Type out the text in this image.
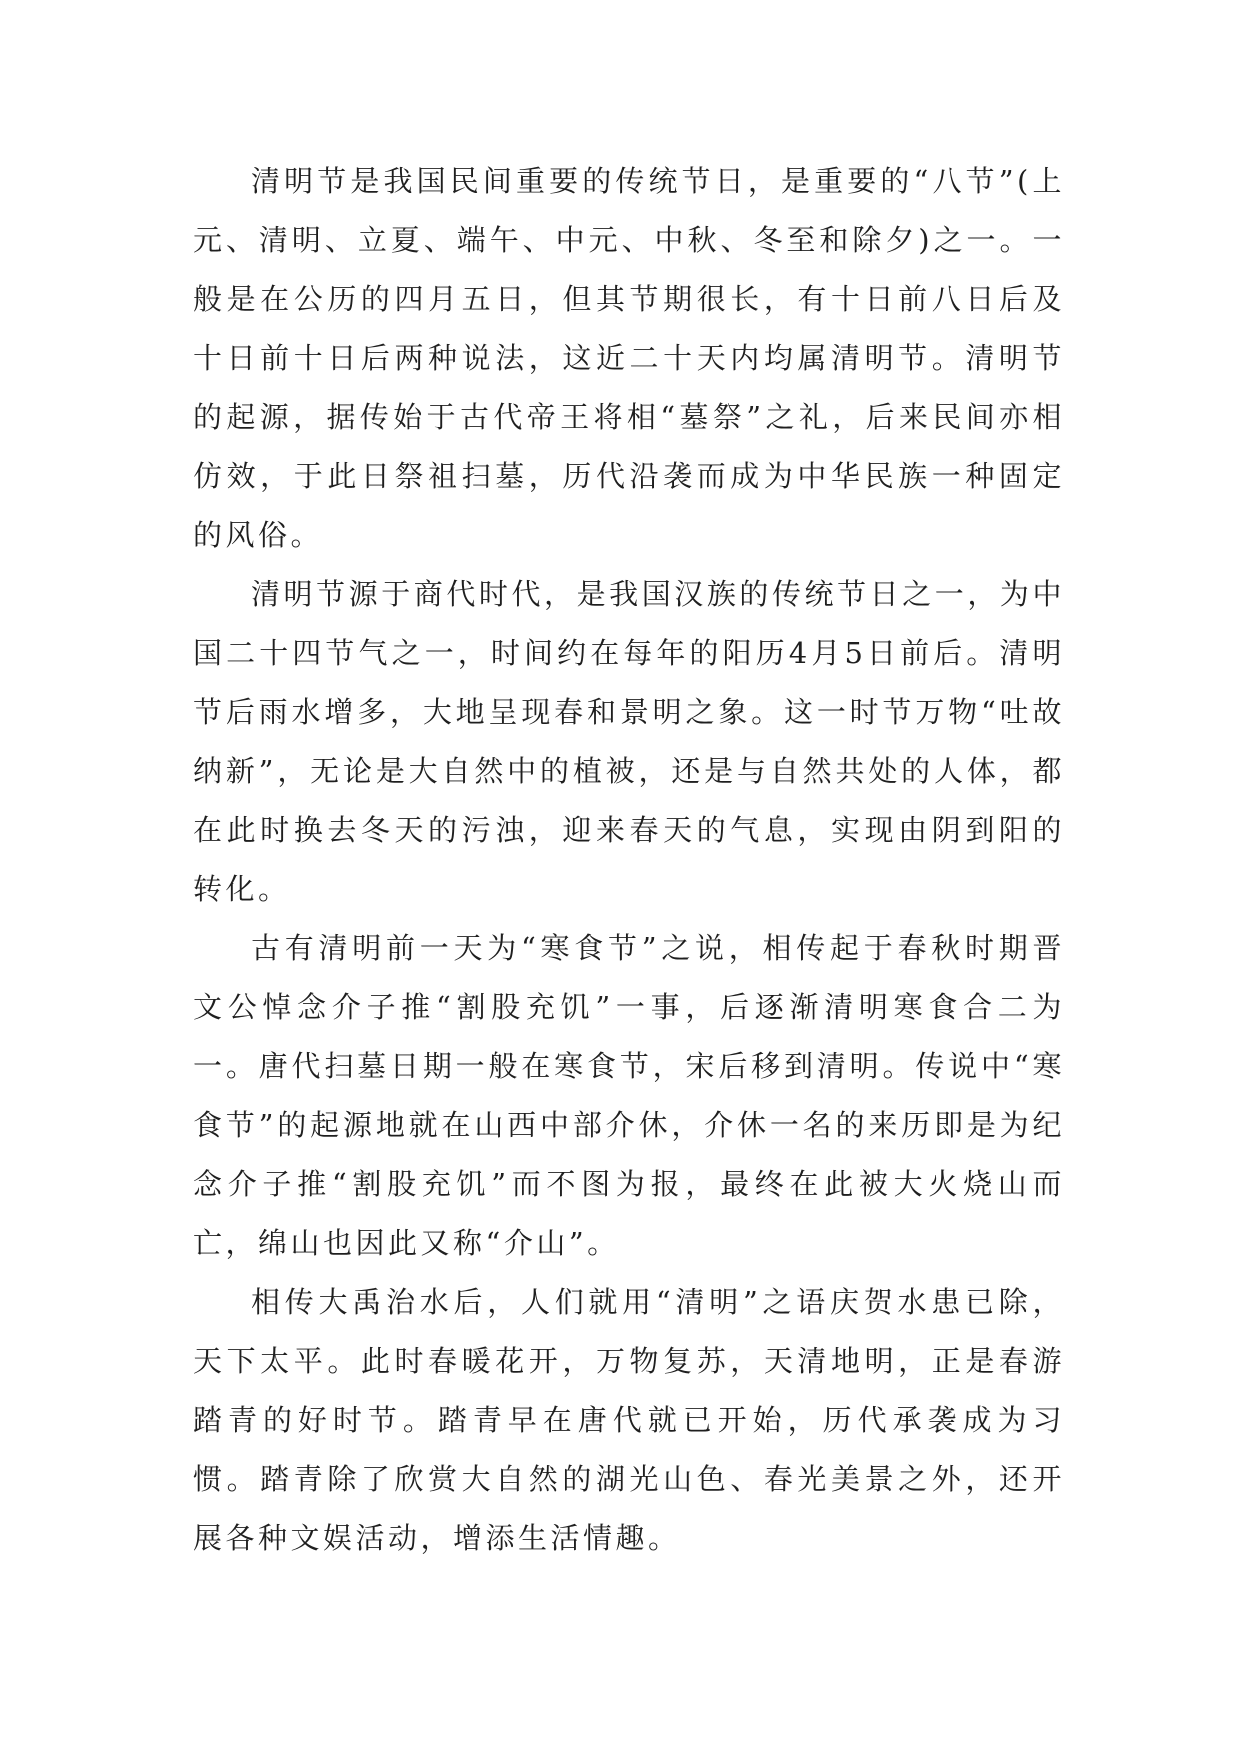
清明节是我国民间重要的传统节日，是重要的“八节”(上元、清明、立夏、端午、中元、中秋、冬至和除夕)之一。一般是在公历的四月五日，但其节期很长，有十日前八日后及十日前十日后两种说法，这近二十天内均属清明节。清明节的起源，据传始于古代帝王将相“墓祭”之礼，后来民间亦相仿效，于此日祭祖扫墓，历代沿袭而成为中华民族一种固定的风俗。

清明节源于商代时代，是我国汉族的传统节日之一，为中国二十四节气之一，时间约在每年的阳历4月5日前后。清明节后雨水增多，大地呈现春和景明之象。这一时节万物“吐故纳新”，无论是大自然中的植被，还是与自然共处的人体，都在此时换去冬天的污浊，迎来春天的气息，实现由阴到阳的转化。

古有清明前一天为“寒食节”之说，相传起于春秋时期晋文公悼念介子推“割股充饥”一事，后逐渐清明寒食合二为一。唐代扫墓日期一般在寒食节，宋后移到清明。传说中“寒食节”的起源地就在山西中部介休，介休一名的来历即是为纪念介子推“割股充饥”而不图为报，最终在此被大火烧山而亡，绵山也因此又称“介山”。

相传大禹治水后，人们就用“清明”之语庆贺水患已除，天下太平。此时春暖花开，万物复苏，天清地明，正是春游踏青的好时节。踏青早在唐代就已开始，历代承袭成为习惯。踏青除了欣赏大自然的湖光山色、春光美景之外，还开展各种文娱活动，增添生活情趣。
